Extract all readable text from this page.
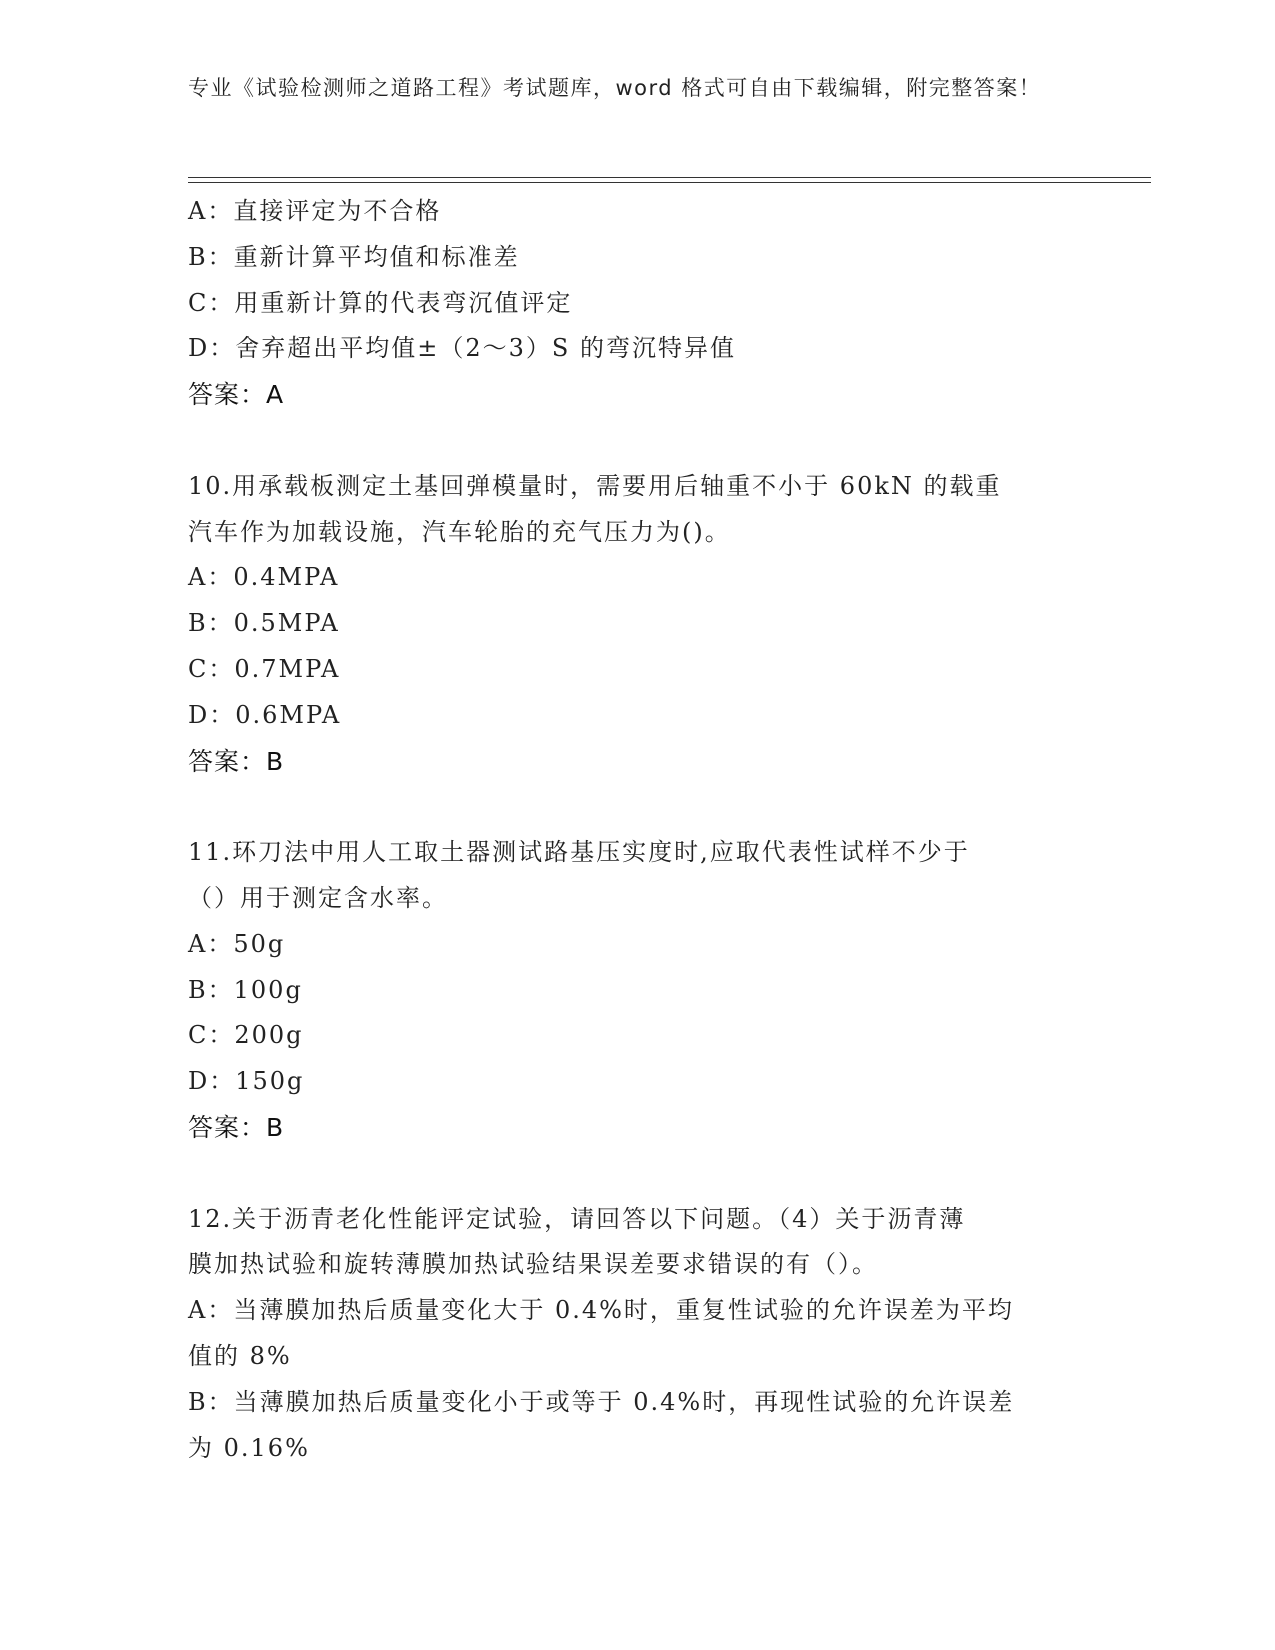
专业《试验检测师之道路工程》考试题库，word 格式可自由下载编辑，附完整答案！
A：直接评定为不合格
B：重新计算平均值和标准差
C：用重新计算的代表弯沉值评定
D：舍弃超出平均值±（2～3）S 的弯沉特异值
答案：A
10.用承载板测定土基回弹模量时，需要用后轴重不小于 60kN 的载重
汽车作为加载设施，汽车轮胎的充气压力为()。
A：0.4MPA
B：0.5MPA
C：0.7MPA
D：0.6MPA
答案：B
11.环刀法中用人工取土器测试路基压实度时,应取代表性试样不少于
（）用于测定含水率。
A：50g
B：100g
C：200g
D：150g
答案：B
12.关于沥青老化性能评定试验，请回答以下问题。（4）关于沥青薄
膜加热试验和旋转薄膜加热试验结果误差要求错误的有（）。
A：当薄膜加热后质量变化大于 0.4%时，重复性试验的允许误差为平均
值的 8%
B：当薄膜加热后质量变化小于或等于 0.4%时，再现性试验的允许误差
为 0.16%
